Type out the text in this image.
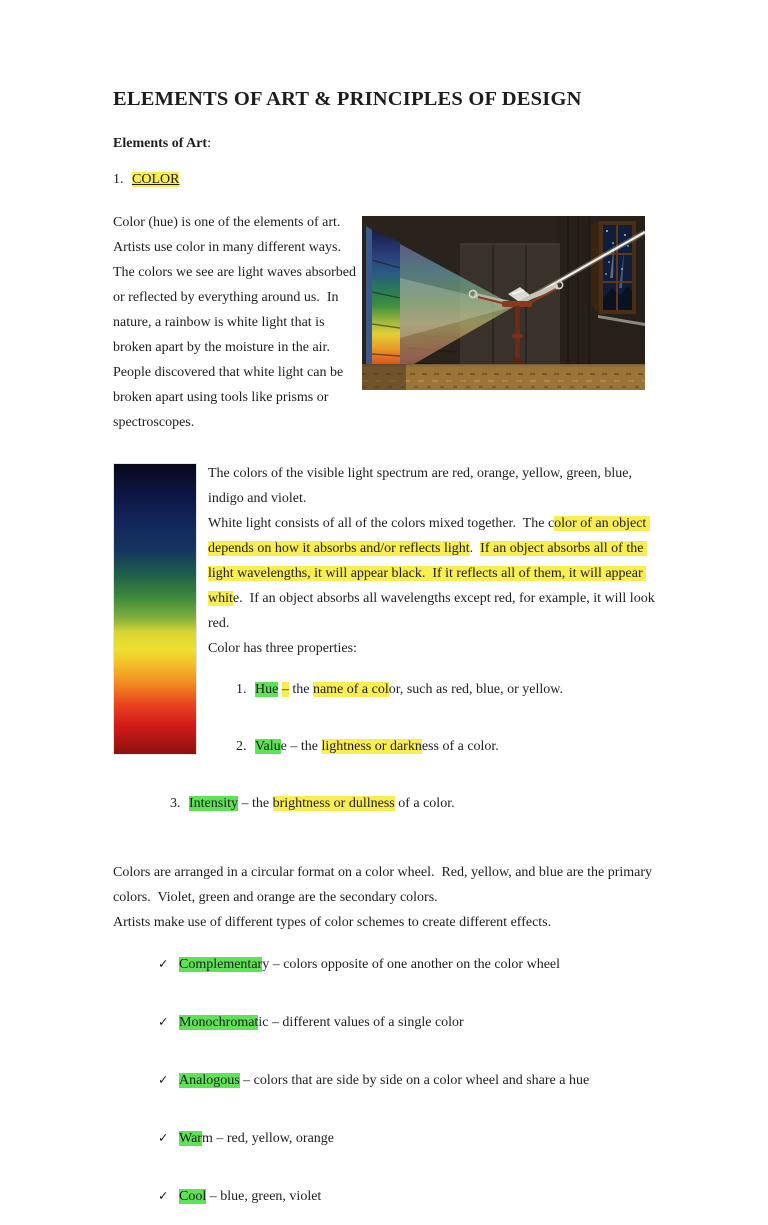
ELEMENTS OF ART & PRINCIPLES OF DESIGN

Elements of Art:

1. COLOR

Color (hue) is one of the elements of art.  Artists use color in many different ways.  The colors we see are light waves absorbed or reflected by everything around us.  In nature, a rainbow is white light that is broken apart by the moisture in the air.

People discovered that white light can be broken apart using tools like prisms or spectroscopes.

The colors of the visible light spectrum are red, orange, yellow, green, blue, indigo and violet.

White light consists of all of the colors mixed together.  The color of an object depends on how it absorbs and/or reflects light.  If an object absorbs all of the light wavelengths, it will appear black.  If it reflects all of them, it will appear white.  If an object absorbs all wavelengths except red, for example, it will look red.

Color has three properties:

1. Hue – the name of a color, such as red, blue, or yellow.

2. Value – the lightness or darkness of a color.

3. Intensity – the brightness or dullness of a color.

Colors are arranged in a circular format on a color wheel.  Red, yellow, and blue are the primary colors.  Violet, green and orange are the secondary colors.

Artists make use of different types of color schemes to create different effects.

✓ Complementary – colors opposite of one another on the color wheel

✓ Monochromatic – different values of a single color

✓ Analogous – colors that are side by side on a color wheel and share a hue

✓ Warm – red, yellow, orange

✓ Cool – blue, green, violet
